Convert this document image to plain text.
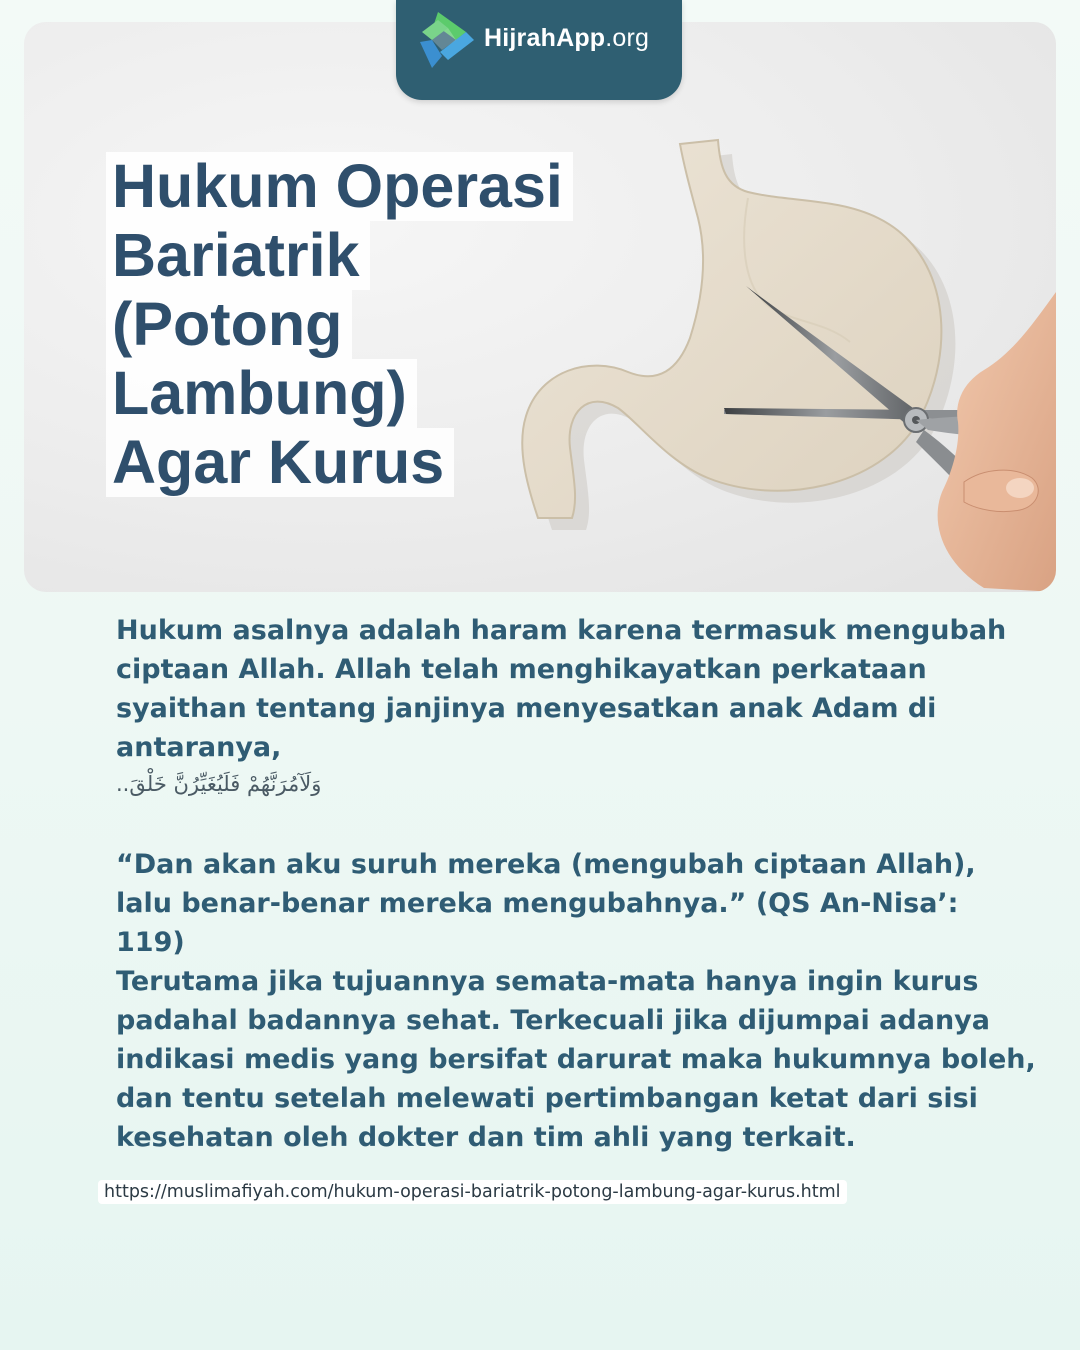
HijrahApp.org
Hukum Operasi
Bariatrik
(Potong
Lambung)
Agar Kurus

Hukum asalnya adalah haram karena termasuk mengubah ciptaan Allah. Allah telah menghikayatkan perkataan syaithan tentang janjinya menyesatkan anak Adam di antaranya,

وَلَآمُرَنَّهُمْ فَلَيُغَيِّرُنَّ خَلْقَ..

“Dan akan aku suruh mereka (mengubah ciptaan Allah), lalu benar-benar mereka mengubahnya.” (QS An-Nisa’: 119)

Terutama jika tujuannya semata-mata hanya ingin kurus padahal badannya sehat. Terkecuali jika dijumpai adanya indikasi medis yang bersifat darurat maka hukumnya boleh, dan tentu setelah melewati pertimbangan ketat dari sisi kesehatan oleh dokter dan tim ahli yang terkait.

https://muslimafiyah.com/hukum-operasi-bariatrik-potong-lambung-agar-kurus.html
